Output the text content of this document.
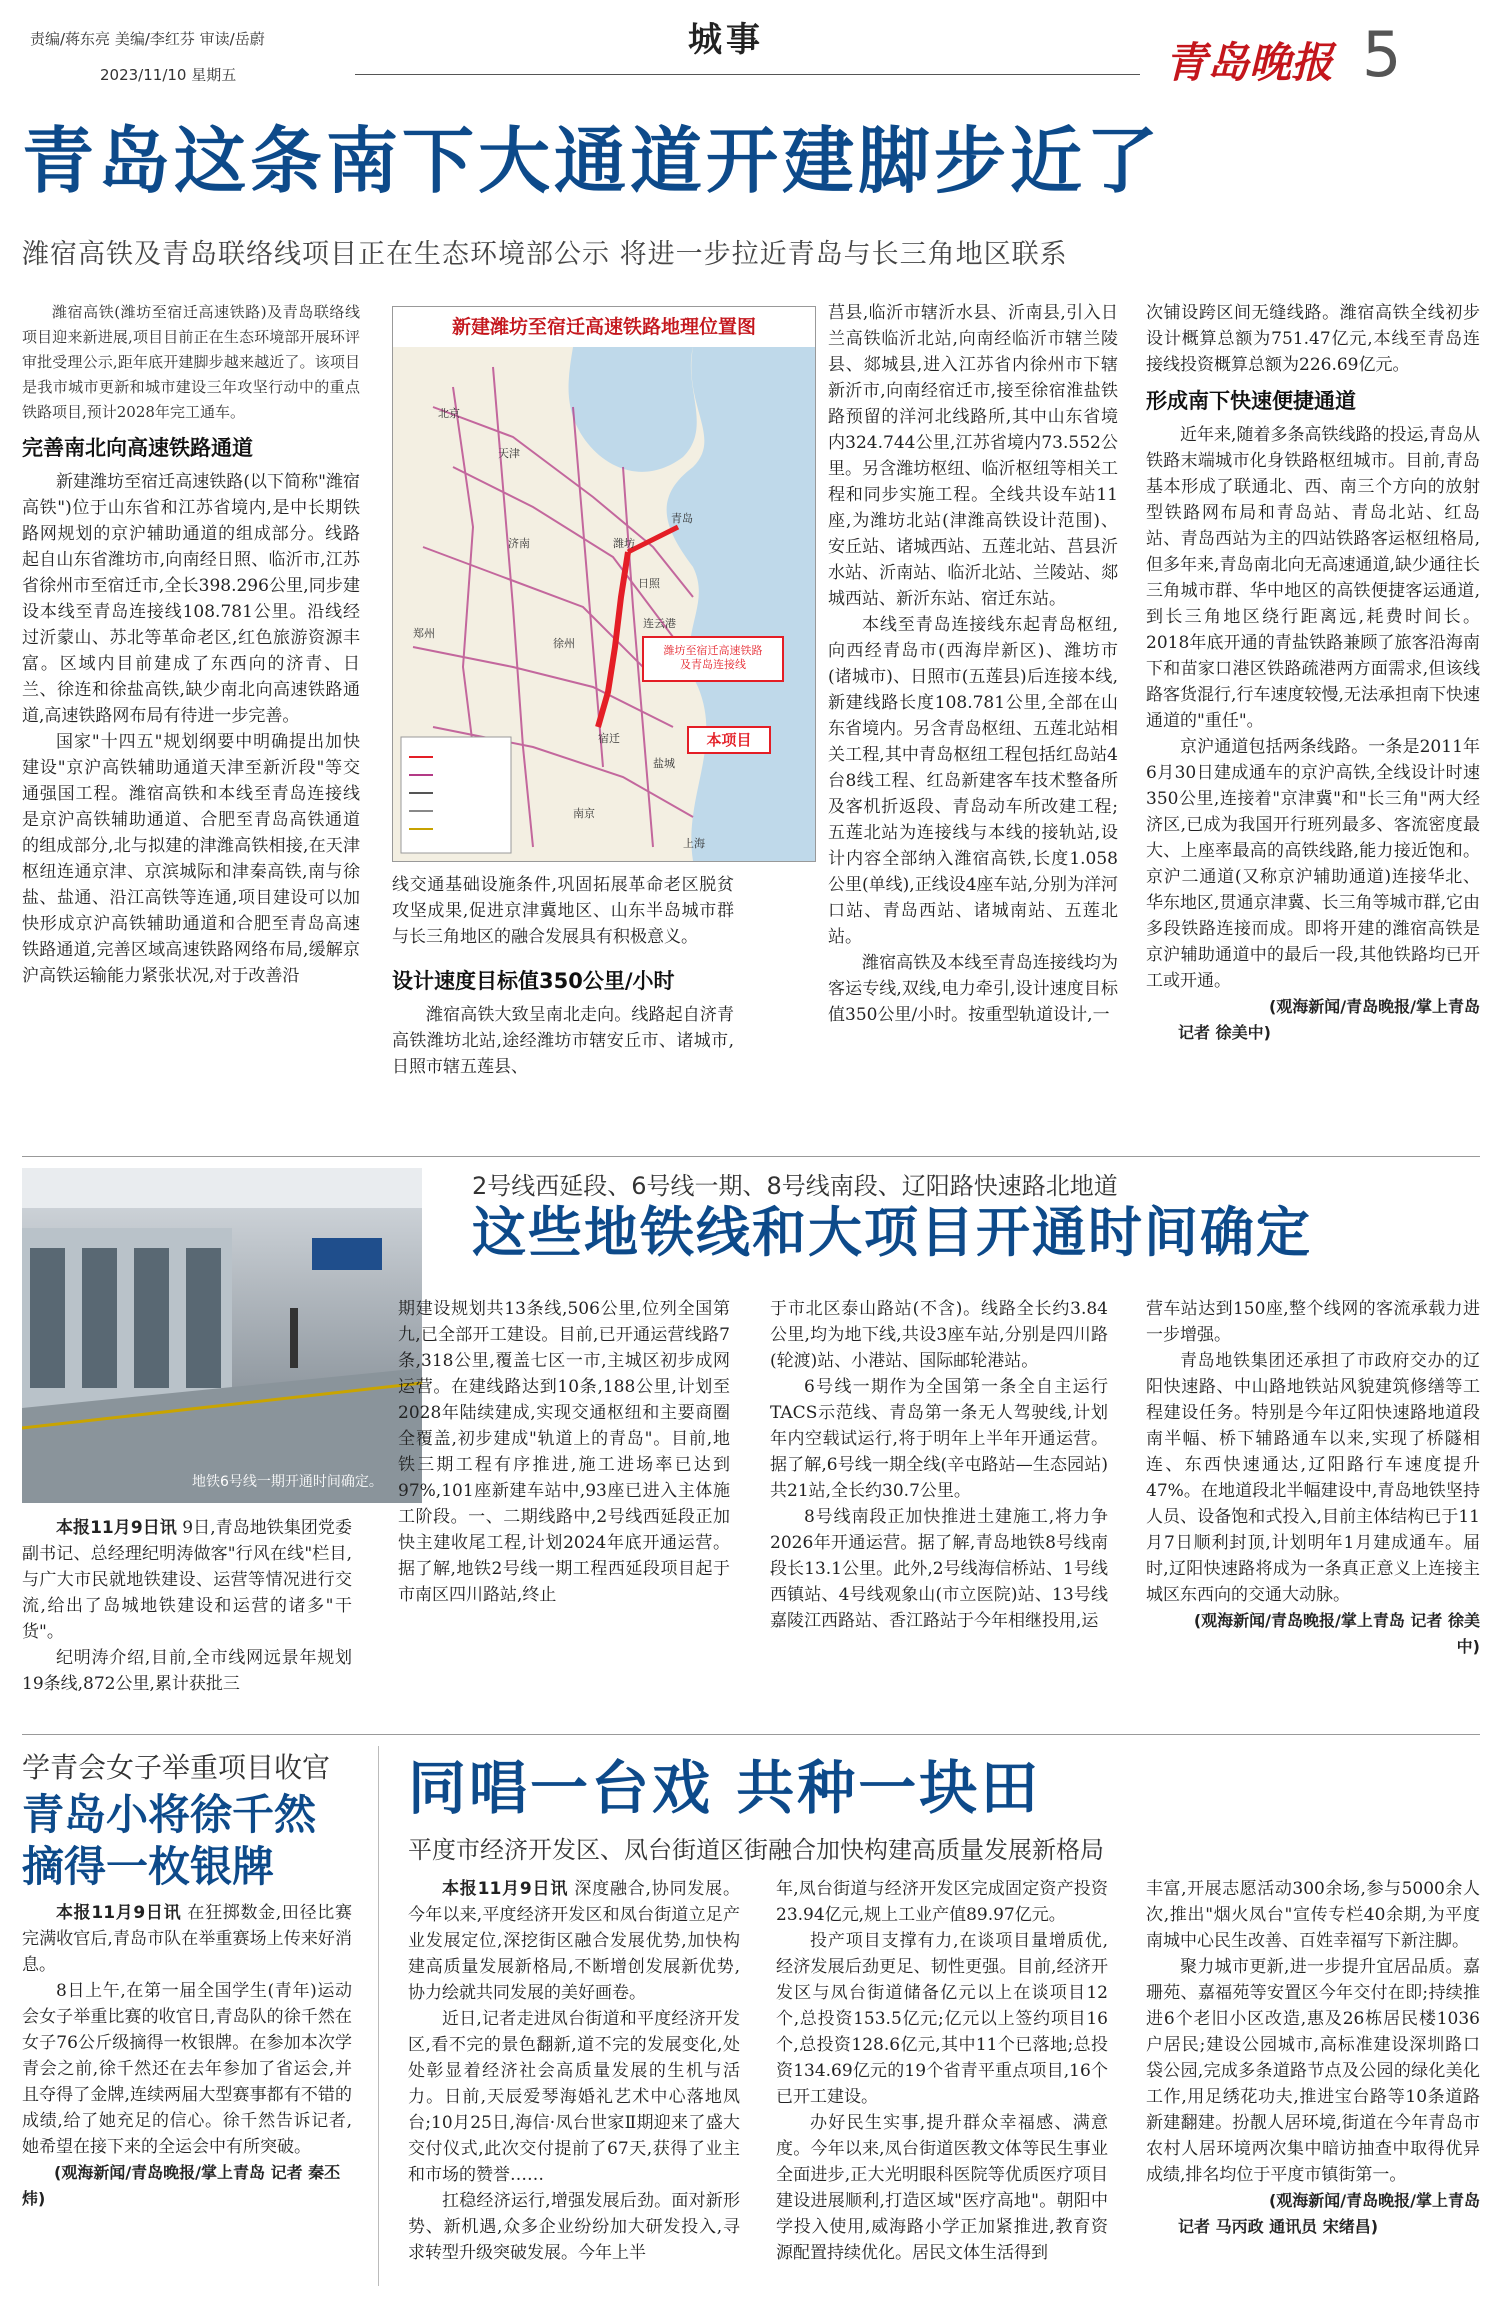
责编/蒋东亮 美编/李红芬 审读/岳蔚
2023/11/10 星期五
城事	青岛晚报 5
青岛这条南下大通道开建脚步近了
潍宿高铁及青岛联络线项目正在生态环境部公示 将进一步拉近青岛与长三角地区联系

潍宿高铁(潍坊至宿迁高速铁路)及青岛联络线项目迎来新进展,项目目前正在生态环境部开展环评审批受理公示,距年底开建脚步越来越近了。该项目是我市城市更新和城市建设三年攻坚行动中的重点铁路项目,预计2028年完工通车。

完善南北向高速铁路通道

新建潍坊至宿迁高速铁路(以下简称"潍宿高铁")位于山东省和江苏省境内,是中长期铁路网规划的京沪辅助通道的组成部分。线路起自山东省潍坊市,向南经日照、临沂市,江苏省徐州市至宿迁市,全长398.296公里,同步建设本线至青岛连接线108.781公里。沿线经过沂蒙山、苏北等革命老区,红色旅游资源丰富。区域内目前建成了东西向的济青、日兰、徐连和徐盐高铁,缺少南北向高速铁路通道,高速铁路网布局有待进一步完善。

国家"十四五"规划纲要中明确提出加快建设"京沪高铁辅助通道天津至新沂段"等交通强国工程。潍宿高铁和本线至青岛连接线是京沪高铁辅助通道、合肥至青岛高铁通道的组成部分,北与拟建的津潍高铁相接,在天津枢纽连通京津、京滨城际和津秦高铁,南与徐盐、盐通、沿江高铁等连通,项目建设可以加快形成京沪高铁辅助通道和合肥至青岛高速铁路通道,完善区域高速铁路网络布局,缓解京沪高铁运输能力紧张状况,对于改善沿

新建潍坊至宿迁高速铁路地理位置图
潍坊至宿迁高速铁路及青岛连接线
本项目
北京
天津
济南	潍坊
青岛
日照
徐州
宿迁
连云港
盐城
南京
上海
郑州

线交通基础设施条件,巩固拓展革命老区脱贫攻坚成果,促进京津冀地区、山东半岛城市群与长三角地区的融合发展具有积极意义。

设计速度目标值350公里/小时

潍宿高铁大致呈南北走向。线路起自济青高铁潍坊北站,途经潍坊市辖安丘市、诸城市,日照市辖五莲县、

莒县,临沂市辖沂水县、沂南县,引入日兰高铁临沂北站,向南经临沂市辖兰陵县、郯城县,进入江苏省内徐州市下辖新沂市,向南经宿迁市,接至徐宿淮盐铁路预留的洋河北线路所,其中山东省境内324.744公里,江苏省境内73.552公里。另含潍坊枢纽、临沂枢纽等相关工程和同步实施工程。全线共设车站11座,为潍坊北站(津潍高铁设计范围)、安丘站、诸城西站、五莲北站、莒县沂水站、沂南站、临沂北站、兰陵站、郯城西站、新沂东站、宿迁东站。

本线至青岛连接线东起青岛枢纽,向西经青岛市(西海岸新区)、潍坊市(诸城市)、日照市(五莲县)后连接本线,新建线路长度108.781公里,全部在山东省境内。另含青岛枢纽、五莲北站相关工程,其中青岛枢纽工程包括红岛站4台8线工程、红岛新建客车技术整备所及客机折返段、青岛动车所改建工程;五莲北站为连接线与本线的接轨站,设计内容全部纳入潍宿高铁,长度1.058公里(单线),正线设4座车站,分别为洋河口站、青岛西站、诸城南站、五莲北站。

潍宿高铁及本线至青岛连接线均为客运专线,双线,电力牵引,设计速度目标值350公里/小时。按重型轨道设计,一

次铺设跨区间无缝线路。潍宿高铁全线初步设计概算总额为751.47亿元,本线至青岛连接线投资概算总额为226.69亿元。

形成南下快速便捷通道

近年来,随着多条高铁线路的投运,青岛从铁路末端城市化身铁路枢纽城市。目前,青岛基本形成了联通北、西、南三个方向的放射型铁路网布局和青岛站、青岛北站、红岛站、青岛西站为主的四站铁路客运枢纽格局,但多年来,青岛南北向无高速通道,缺少通往长三角城市群、华中地区的高铁便捷客运通道,到长三角地区绕行距离远,耗费时间长。2018年底开通的青盐铁路兼顾了旅客沿海南下和苗家口港区铁路疏港两方面需求,但该线路客货混行,行车速度较慢,无法承担南下快速通道的"重任"。

京沪通道包括两条线路。一条是2011年6月30日建成通车的京沪高铁,全线设计时速350公里,连接着"京津冀"和"长三角"两大经济区,已成为我国开行班列最多、客流密度最大、上座率最高的高铁线路,能力接近饱和。京沪二通道(又称京沪辅助通道)连接华北、华东地区,贯通京津冀、长三角等城市群,它由多段铁路连接而成。即将开建的潍宿高铁是京沪辅助通道中的最后一段,其他铁路均已开工或开通。

(观海新闻/青岛晚报/掌上青岛

记者 徐美中)

地铁6号线一期开通时间确定。
2号线西延段、6号线一期、8号线南段、辽阳路快速路北地道
这些地铁线和大项目开通时间确定

本报11月9日讯 9日,青岛地铁集团党委副书记、总经理纪明涛做客"行风在线"栏目,与广大市民就地铁建设、运营等情况进行交流,给出了岛城地铁建设和运营的诸多"干货"。

纪明涛介绍,目前,全市线网远景年规划19条线,872公里,累计获批三

期建设规划共13条线,506公里,位列全国第九,已全部开工建设。目前,已开通运营线路7条,318公里,覆盖七区一市,主城区初步成网运营。在建线路达到10条,188公里,计划至2028年陆续建成,实现交通枢纽和主要商圈全覆盖,初步建成"轨道上的青岛"。目前,地铁三期工程有序推进,施工进场率已达到97%,101座新建车站中,93座已进入主体施工阶段。一、二期线路中,2号线西延段正加快主建收尾工程,计划2024年底开通运营。据了解,地铁2号线一期工程西延段项目起于市南区四川路站,终止

于市北区泰山路站(不含)。线路全长约3.84公里,均为地下线,共设3座车站,分别是四川路(轮渡)站、小港站、国际邮轮港站。

6号线一期作为全国第一条全自主运行TACS示范线、青岛第一条无人驾驶线,计划年内空载试运行,将于明年上半年开通运营。据了解,6号线一期全线(辛屯路站—生态园站)共21站,全长约30.7公里。

8号线南段正加快推进土建施工,将力争2026年开通运营。据了解,青岛地铁8号线南段长13.1公里。此外,2号线海信桥站、1号线西镇站、4号线观象山(市立医院)站、13号线嘉陵江西路站、香江路站于今年相继投用,运

营车站达到150座,整个线网的客流承载力进一步增强。

青岛地铁集团还承担了市政府交办的辽阳快速路、中山路地铁站风貌建筑修缮等工程建设任务。特别是今年辽阳快速路地道段南半幅、桥下辅路通车以来,实现了桥隧相连、东西快速通达,辽阳路行车速度提升47%。在地道段北半幅建设中,青岛地铁坚持人员、设备饱和式投入,目前主体结构已于11月7日顺利封顶,计划明年1月建成通车。届时,辽阳快速路将成为一条真正意义上连接主城区东西向的交通大动脉。

(观海新闻/青岛晚报/掌上青岛 记者 徐美中)

学青会女子举重项目收官
青岛小将徐千然
摘得一枚银牌

本报11月9日讯 在狂掷数金,田径比赛完满收官后,青岛市队在举重赛场上传来好消息。

8日上午,在第一届全国学生(青年)运动会女子举重比赛的收官日,青岛队的徐千然在女子76公斤级摘得一枚银牌。在参加本次学青会之前,徐千然还在去年参加了省运会,并且夺得了金牌,连续两届大型赛事都有不错的成绩,给了她充足的信心。徐千然告诉记者,她希望在接下来的全运会中有所突破。

(观海新闻/青岛晚报/掌上青岛 记者 秦丕炜)

同唱一台戏 共种一块田
平度市经济开发区、凤台街道区街融合加快构建高质量发展新格局

本报11月9日讯 深度融合,协同发展。今年以来,平度经济开发区和凤台街道立足产业发展定位,深挖街区融合发展优势,加快构建高质量发展新格局,不断增创发展新优势,协力绘就共同发展的美好画卷。

近日,记者走进凤台街道和平度经济开发区,看不完的景色翻新,道不完的发展变化,处处彰显着经济社会高质量发展的生机与活力。日前,天辰爱琴海婚礼艺术中心落地凤台;10月25日,海信·凤台世家Ⅱ期迎来了盛大交付仪式,此次交付提前了67天,获得了业主和市场的赞誉……

扛稳经济运行,增强发展后劲。面对新形势、新机遇,众多企业纷纷加大研发投入,寻求转型升级突破发展。今年上半

年,凤台街道与经济开发区完成固定资产投资23.94亿元,规上工业产值89.97亿元。

投产项目支撑有力,在谈项目量增质优,经济发展后劲更足、韧性更强。目前,经济开发区与凤台街道储备亿元以上在谈项目12个,总投资153.5亿元;亿元以上签约项目16个,总投资128.6亿元,其中11个已落地;总投资134.69亿元的19个省青平重点项目,16个已开工建设。

办好民生实事,提升群众幸福感、满意度。今年以来,凤台街道医教文体等民生事业全面进步,正大光明眼科医院等优质医疗项目建设进展顺利,打造区域"医疗高地"。朝阳中学投入使用,威海路小学正加紧推进,教育资源配置持续优化。居民文体生活得到

丰富,开展志愿活动300余场,参与5000余人次,推出"烟火凤台"宣传专栏40余期,为平度南城中心民生改善、百姓幸福写下新注脚。

聚力城市更新,进一步提升宜居品质。嘉珊苑、嘉福苑等安置区今年交付在即;持续推进6个老旧小区改造,惠及26栋居民楼1036户居民;建设公园城市,高标准建设深圳路口袋公园,完成多条道路节点及公园的绿化美化工作,用足绣花功夫,推进宝台路等10条道路新建翻建。扮靓人居环境,街道在今年青岛市农村人居环境两次集中暗访抽查中取得优异成绩,排名均位于平度市镇街第一。

(观海新闻/青岛晚报/掌上青岛

记者 马丙政 通讯员 宋绪昌)
